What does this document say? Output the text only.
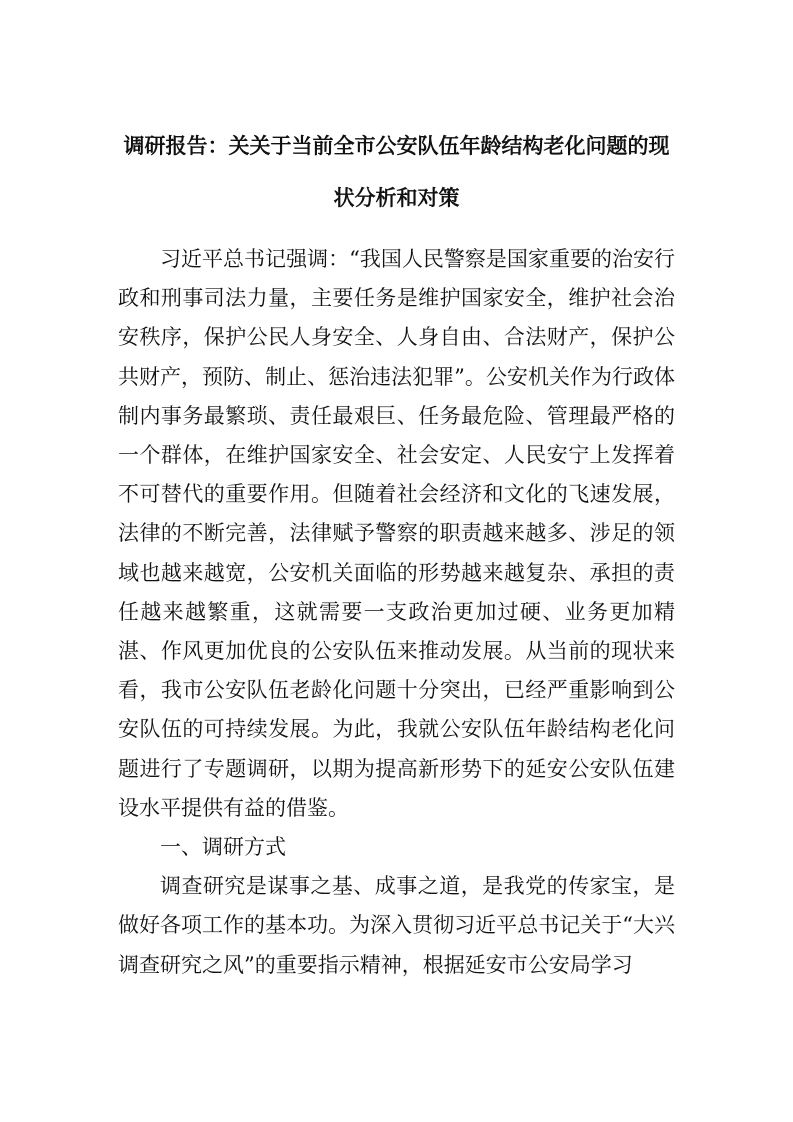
调研报告：关关于当前全市公安队伍年龄结构老化问题的现状分析和对策

习近平总书记强调：“我国人民警察是国家重要的治安行政和刑事司法力量，主要任务是维护国家安全，维护社会治安秩序，保护公民人身安全、人身自由、合法财产，保护公共财产，预防、制止、惩治违法犯罪”。公安机关作为行政体制内事务最繁琐、责任最艰巨、任务最危险、管理最严格的一个群体，在维护国家安全、社会安定、人民安宁上发挥着不可替代的重要作用。但随着社会经济和文化的飞速发展，法律的不断完善，法律赋予警察的职责越来越多、涉足的领域也越来越宽，公安机关面临的形势越来越复杂、承担的责任越来越繁重，这就需要一支政治更加过硬、业务更加精湛、作风更加优良的公安队伍来推动发展。从当前的现状来看，我市公安队伍老龄化问题十分突出，已经严重影响到公安队伍的可持续发展。为此，我就公安队伍年龄结构老化问题进行了专题调研，以期为提高新形势下的延安公安队伍建设水平提供有益的借鉴。

一、调研方式

调查研究是谋事之基、成事之道，是我党的传家宝，是做好各项工作的基本功。为深入贯彻习近平总书记关于“大兴调查研究之风”的重要指示精神，根据延安市公安局学习
